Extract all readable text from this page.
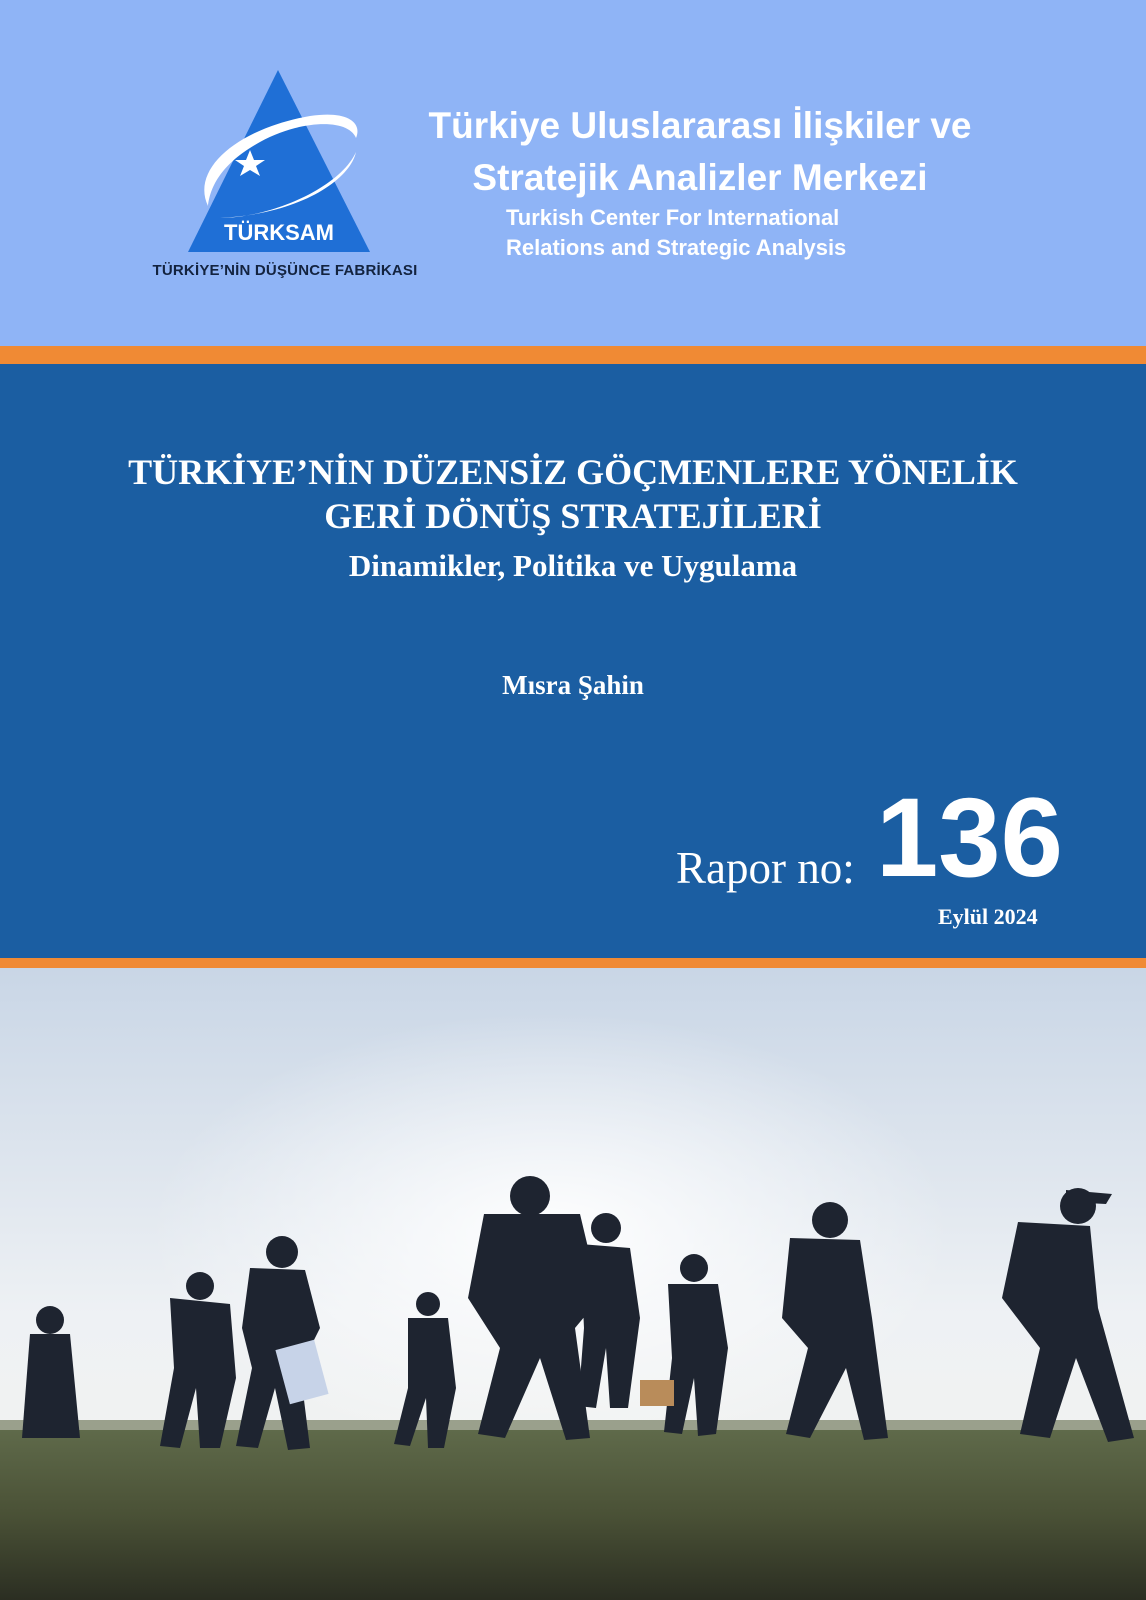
TÜRKSAM
TÜRKİYE’NİN DÜŞÜNCE FABRİKASI
Türkiye Uluslararası İlişkiler ve
Stratejik Analizler Merkezi
Turkish Center For International
Relations and Strategic Analysis
TÜRKİYE’NİN DÜZENSİZ GÖÇMENLERE YÖNELİK
GERİ DÖNÜŞ STRATEJİLERİ
Dinamikler, Politika ve Uygulama
Mısra Şahin
Rapor no: 136
Eylül 2024
